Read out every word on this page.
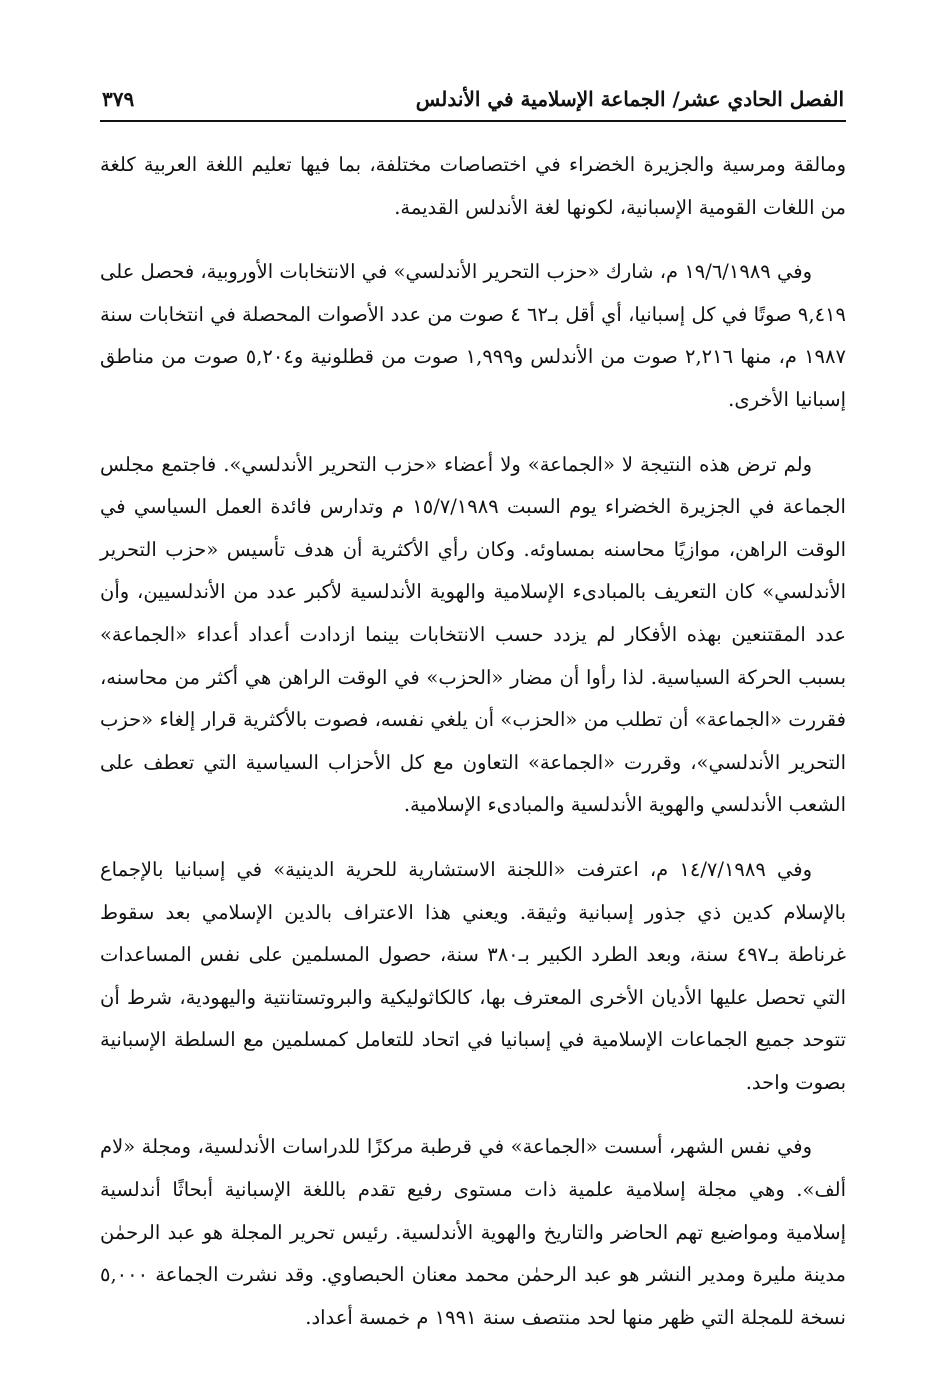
الفصل الحادي عشر/ الجماعة الإسلامية في الأندلس
٣٧٩

ومالقة ومرسية والجزيرة الخضراء في اختصاصات مختلفة، بما فيها تعليم اللغة العربية كلغة من اللغات القومية الإسبانية، لكونها لغة الأندلس القديمة.

وفي ١٩/٦/١٩٨٩ م، شارك «حزب التحرير الأندلسي» في الانتخابات الأوروبية، فحصل على ٩,٤١٩ صوتًا في كل إسبانيا، أي أقل بـ٦٢ ٤ صوت من عدد الأصوات المحصلة في انتخابات سنة ١٩٨٧ م، منها ٢,٢١٦ صوت من الأندلس و١,٩٩٩ صوت من قطلونية و٥,٢٠٤ صوت من مناطق إسبانيا الأخرى.

ولم ترض هذه النتيجة لا «الجماعة» ولا أعضاء «حزب التحرير الأندلسي». فاجتمع مجلس الجماعة في الجزيرة الخضراء يوم السبت ١٥/٧/١٩٨٩ م وتدارس فائدة العمل السياسي في الوقت الراهن، موازيًا محاسنه بمساوئه. وكان رأي الأكثرية أن هدف تأسيس «حزب التحرير الأندلسي» كان التعريف بالمبادىء الإسلامية والهوية الأندلسية لأكبر عدد من الأندلسيين، وأن عدد المقتنعين بهذه الأفكار لم يزدد حسب الانتخابات بينما ازدادت أعداد أعداء «الجماعة» بسبب الحركة السياسية. لذا رأوا أن مضار «الحزب» في الوقت الراهن هي أكثر من محاسنه، فقررت «الجماعة» أن تطلب من «الحزب» أن يلغي نفسه، فصوت بالأكثرية قرار إلغاء «حزب التحرير الأندلسي»، وقررت «الجماعة» التعاون مع كل الأحزاب السياسية التي تعطف على الشعب الأندلسي والهوية الأندلسية والمبادىء الإسلامية.

وفي ١٤/٧/١٩٨٩ م، اعترفت «اللجنة الاستشارية للحرية الدينية» في إسبانيا بالإجماع بالإسلام كدين ذي جذور إسبانية وثيقة. ويعني هذا الاعتراف بالدين الإسلامي بعد سقوط غرناطة بـ٤٩٧ سنة، وبعد الطرد الكبير بـ٣٨٠ سنة، حصول المسلمين على نفس المساعدات التي تحصل عليها الأديان الأخرى المعترف بها، كالكاثوليكية والبروتستانتية واليهودية، شرط أن تتوحد جميع الجماعات الإسلامية في إسبانيا في اتحاد للتعامل كمسلمين مع السلطة الإسبانية بصوت واحد.

وفي نفس الشهر، أسست «الجماعة» في قرطبة مركزًا للدراسات الأندلسية، ومجلة «لام ألف». وهي مجلة إسلامية علمية ذات مستوى رفيع تقدم باللغة الإسبانية أبحاثًا أندلسية إسلامية ومواضيع تهم الحاضر والتاريخ والهوية الأندلسية. رئيس تحرير المجلة هو عبد الرحمٰن مدينة مليرة ومدير النشر هو عبد الرحمٰن محمد معنان الحبصاوي. وقد نشرت الجماعة ٥,٠٠٠ نسخة للمجلة التي ظهر منها لحد منتصف سنة ١٩٩١ م خمسة أعداد.
